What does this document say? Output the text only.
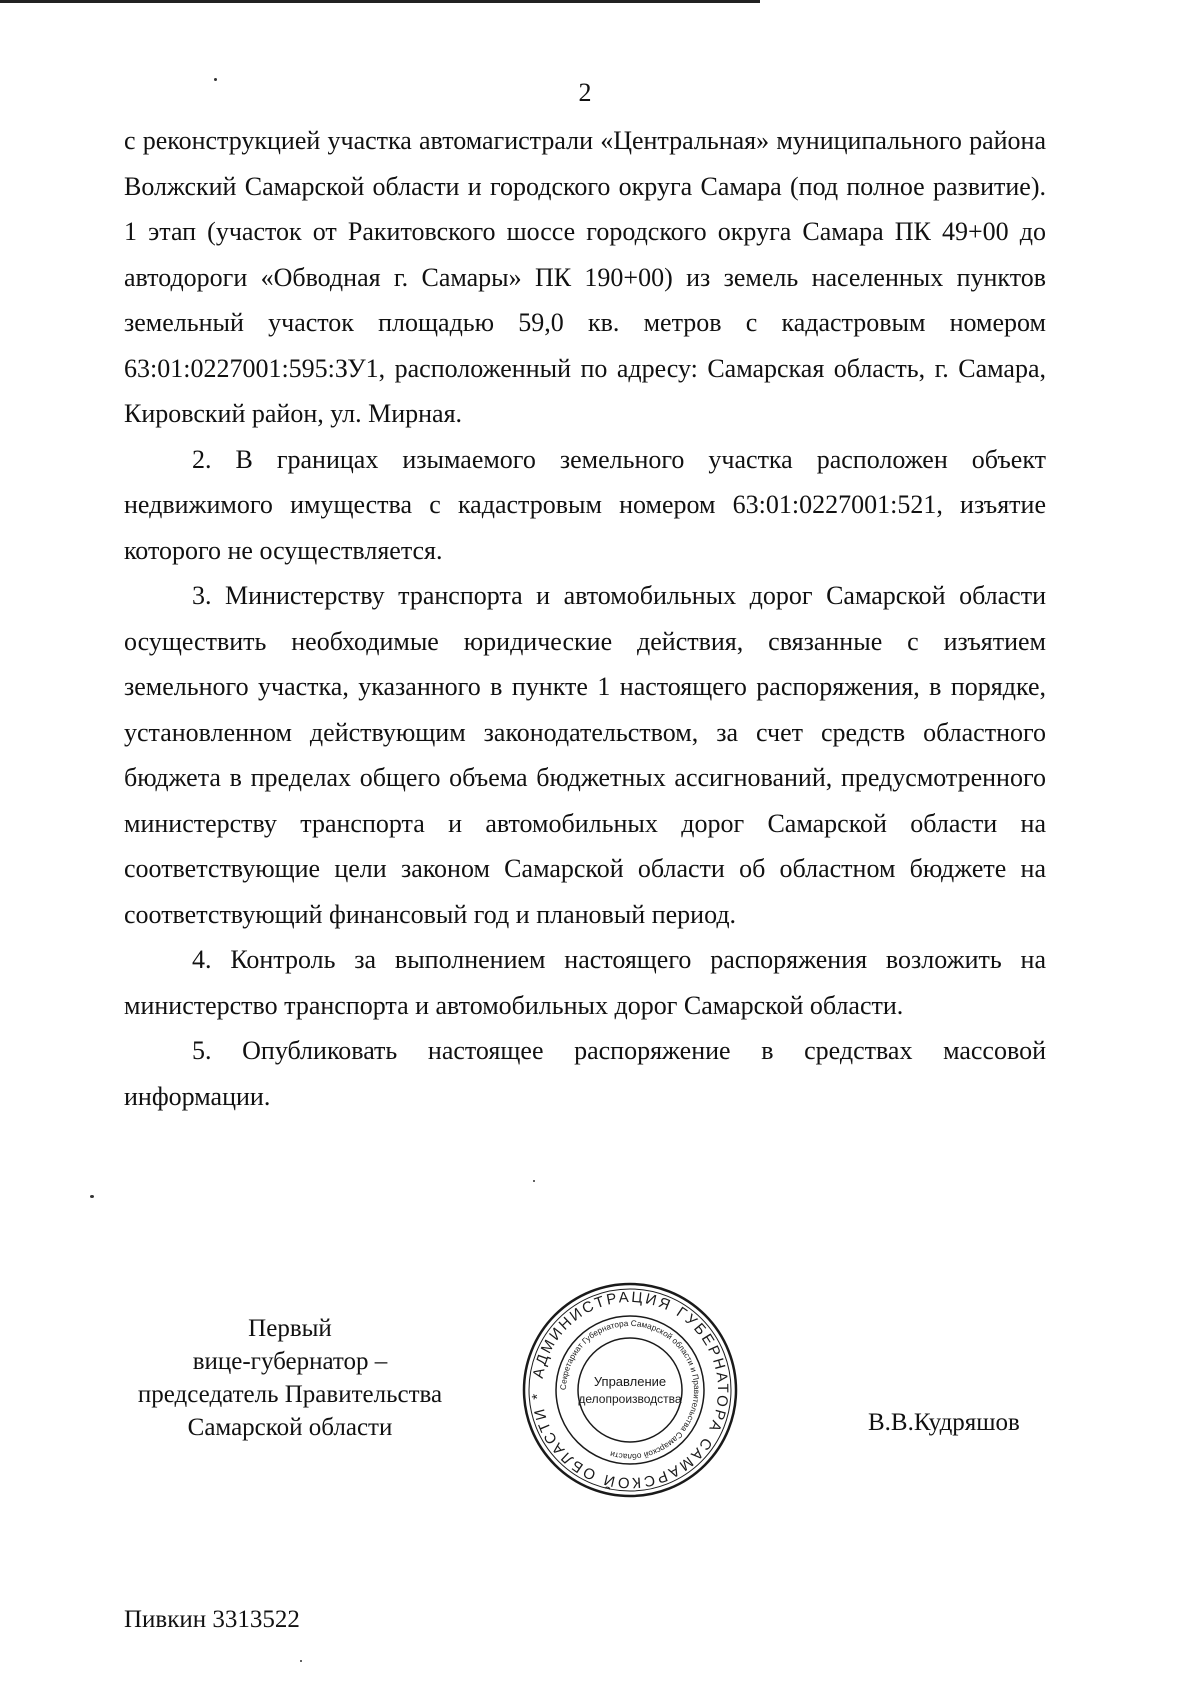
2

с реконструкцией участка автомагистрали «Центральная» муниципального района Волжский Самарской области и городского округа Самара (под полное развитие). 1 этап (участок от Ракитовского шоссе городского округа Самара ПК 49+00 до автодороги «Обводная г. Самары» ПК 190+00) из земель населенных пунктов земельный участок площадью 59,0 кв. метров с кадастровым номером 63:01:0227001:595:ЗУ1, расположенный по адресу: Самарская область, г. Самара, Кировский район, ул. Мирная.

2. В границах изымаемого земельного участка расположен объект недвижимого имущества с кадастровым номером 63:01:0227001:521, изъятие которого не осуществляется.

3. Министерству транспорта и автомобильных дорог Самарской области осуществить необходимые юридические действия, связанные с изъятием земельного участка, указанного в пункте 1 настоящего распоряжения, в порядке, установленном действующим законодательством, за счет средств областного бюджета в пределах общего объема бюджетных ассигнований, предусмотренного министерству транспорта и автомобильных дорог Самарской области на соответствующие цели законом Самарской области об областном бюджете на соответствующий финансовый год и плановый период.

4. Контроль за выполнением настоящего распоряжения возложить на министерство транспорта и автомобильных дорог Самарской области.

5. Опубликовать настоящее распоряжение в средствах массовой информации.

Первый
вице-губернатор –
председатель Правительства
Самарской области
АДМИНИСТРАЦИЯ ГУБЕРНАТОРА САМАРСКОЙ ОБЛАСТИ *
Секретариат Губернатора Самарской области и Правительства Самарской области
Управление
делопроизводства
В.В.Кудряшов
Пивкин 3313522
